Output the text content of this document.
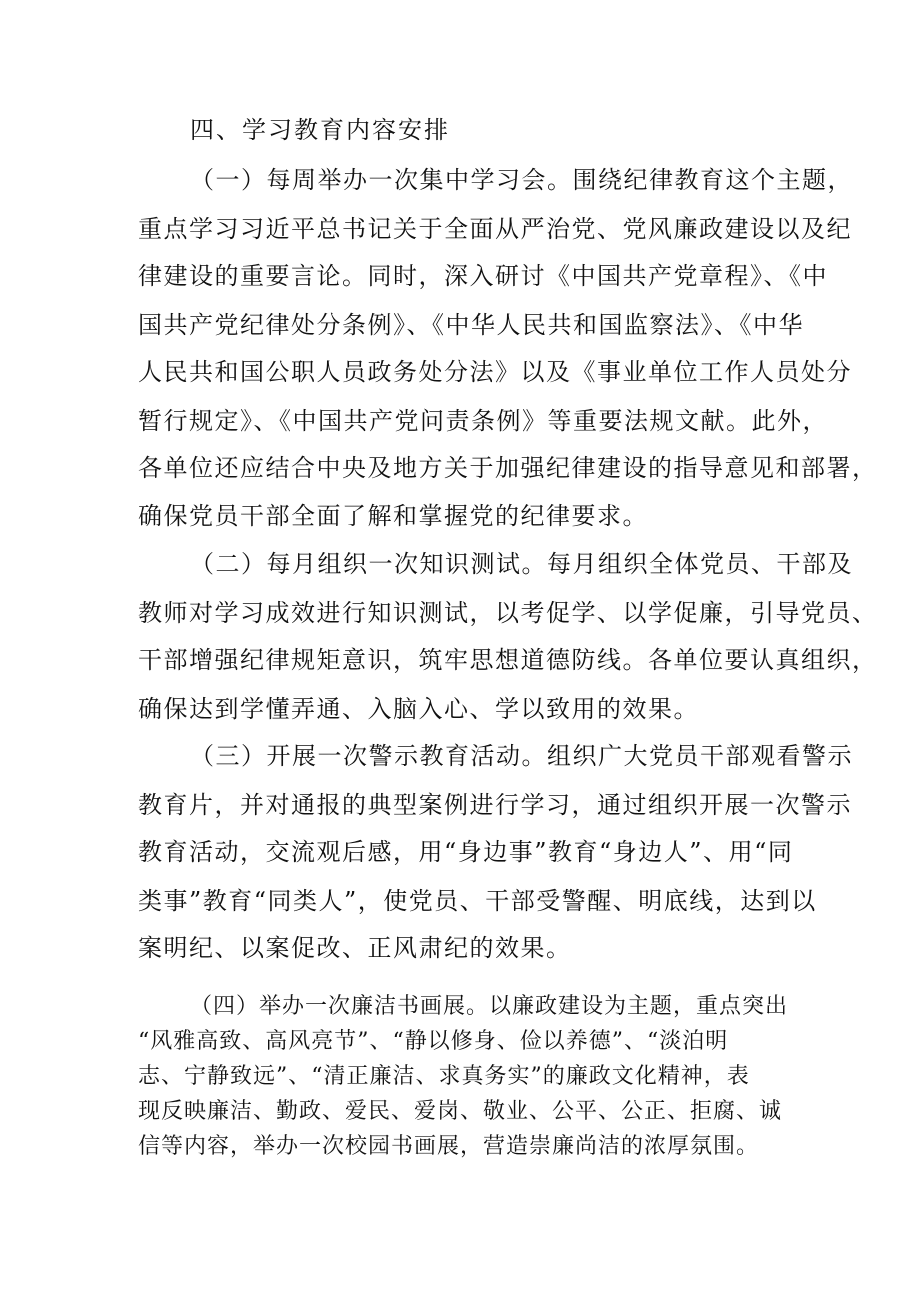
四、学习教育内容安排
（一）每周举办一次集中学习会。围绕纪律教育这个主题，
重点学习习近平总书记关于全面从严治党、党风廉政建设以及纪
律建设的重要言论。同时，深入研讨《中国共产党章程》、《中
国共产党纪律处分条例》、《中华人民共和国监察法》、《中华
人民共和国公职人员政务处分法》以及《事业单位工作人员处分
暂行规定》、《中国共产党问责条例》等重要法规文献。此外，
各单位还应结合中央及地方关于加强纪律建设的指导意见和部署，
确保党员干部全面了解和掌握党的纪律要求。
（二）每月组织一次知识测试。每月组织全体党员、干部及
教师对学习成效进行知识测试，以考促学、以学促廉，引导党员、
干部增强纪律规矩意识，筑牢思想道德防线。各单位要认真组织，
确保达到学懂弄通、入脑入心、学以致用的效果。
（三）开展一次警示教育活动。组织广大党员干部观看警示
教育片，并对通报的典型案例进行学习，通过组织开展一次警示
教育活动，交流观后感，用“身边事”教育“身边人”、用“同
类事”教育“同类人”，使党员、干部受警醒、明底线，达到以
案明纪、以案促改、正风肃纪的效果。
（四）举办一次廉洁书画展。以廉政建设为主题，重点突出
“风雅高致、高风亮节”、“静以修身、俭以养德”、“淡泊明
志、宁静致远”、“清正廉洁、求真务实”的廉政文化精神，表
现反映廉洁、勤政、爱民、爱岗、敬业、公平、公正、拒腐、诚
信等内容，举办一次校园书画展，营造崇廉尚洁的浓厚氛围。
